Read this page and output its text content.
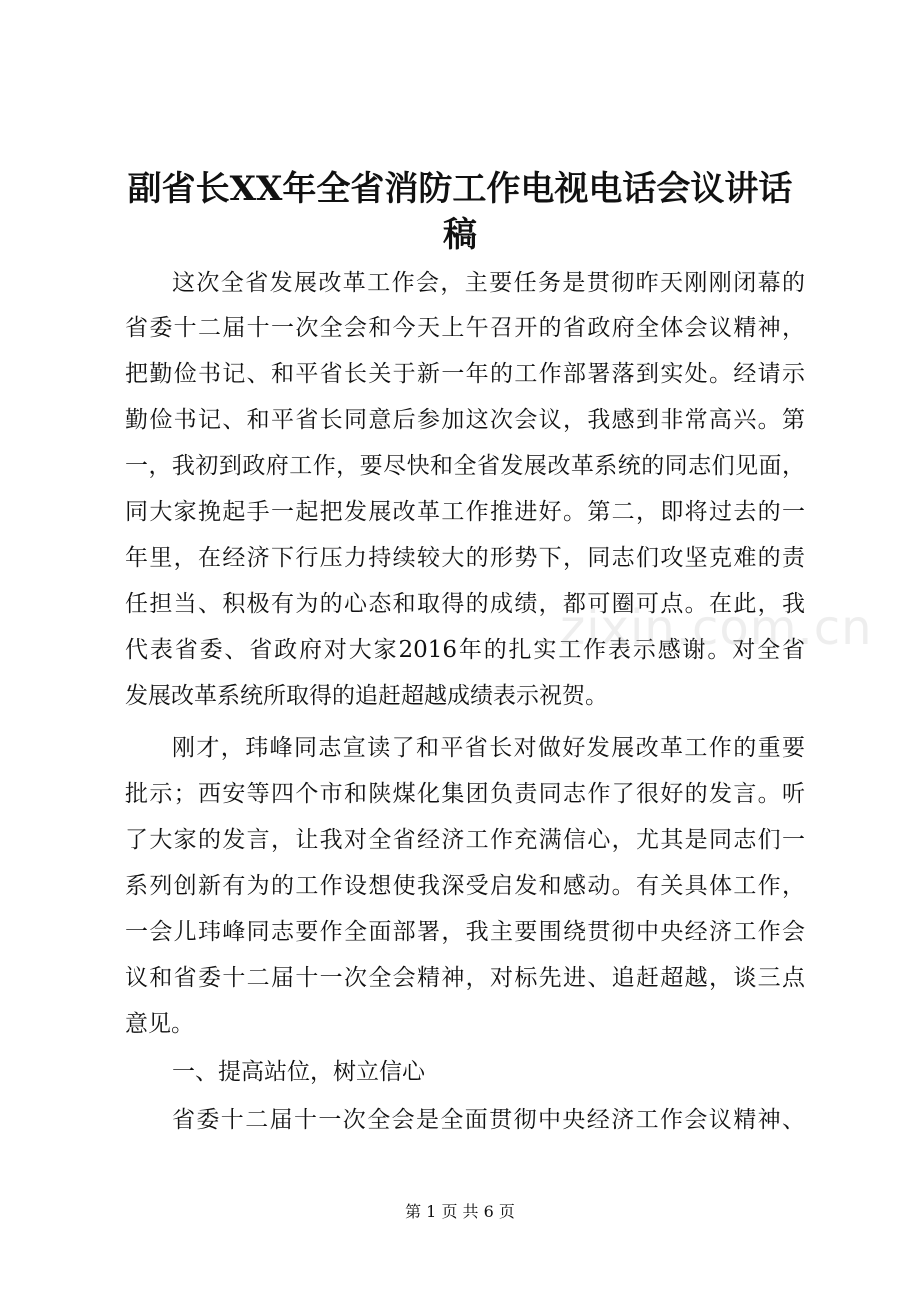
副省长XX年全省消防工作电视电话会议讲话
稿
这次全省发展改革工作会，主要任务是贯彻昨天刚刚闭幕的
省委十二届十一次全会和今天上午召开的省政府全体会议精神，
把勤俭书记、和平省长关于新一年的工作部署落到实处。经请示
勤俭书记、和平省长同意后参加这次会议，我感到非常高兴。第
一，我初到政府工作，要尽快和全省发展改革系统的同志们见面，
同大家挽起手一起把发展改革工作推进好。第二，即将过去的一
年里，在经济下行压力持续较大的形势下，同志们攻坚克难的责
任担当、积极有为的心态和取得的成绩，都可圈可点。在此，我
代表省委、省政府对大家2016年的扎实工作表示感谢。对全省
发展改革系统所取得的追赶超越成绩表示祝贺。
刚才，玮峰同志宣读了和平省长对做好发展改革工作的重要
批示；西安等四个市和陕煤化集团负责同志作了很好的发言。听
了大家的发言，让我对全省经济工作充满信心，尤其是同志们一
系列创新有为的工作设想使我深受启发和感动。有关具体工作，
一会儿玮峰同志要作全面部署，我主要围绕贯彻中央经济工作会
议和省委十二届十一次全会精神，对标先进、追赶超越，谈三点
意见。
一、提高站位，树立信心
省委十二届十一次全会是全面贯彻中央经济工作会议精神、
zixin.com.cn
第 1 页 共 6 页
